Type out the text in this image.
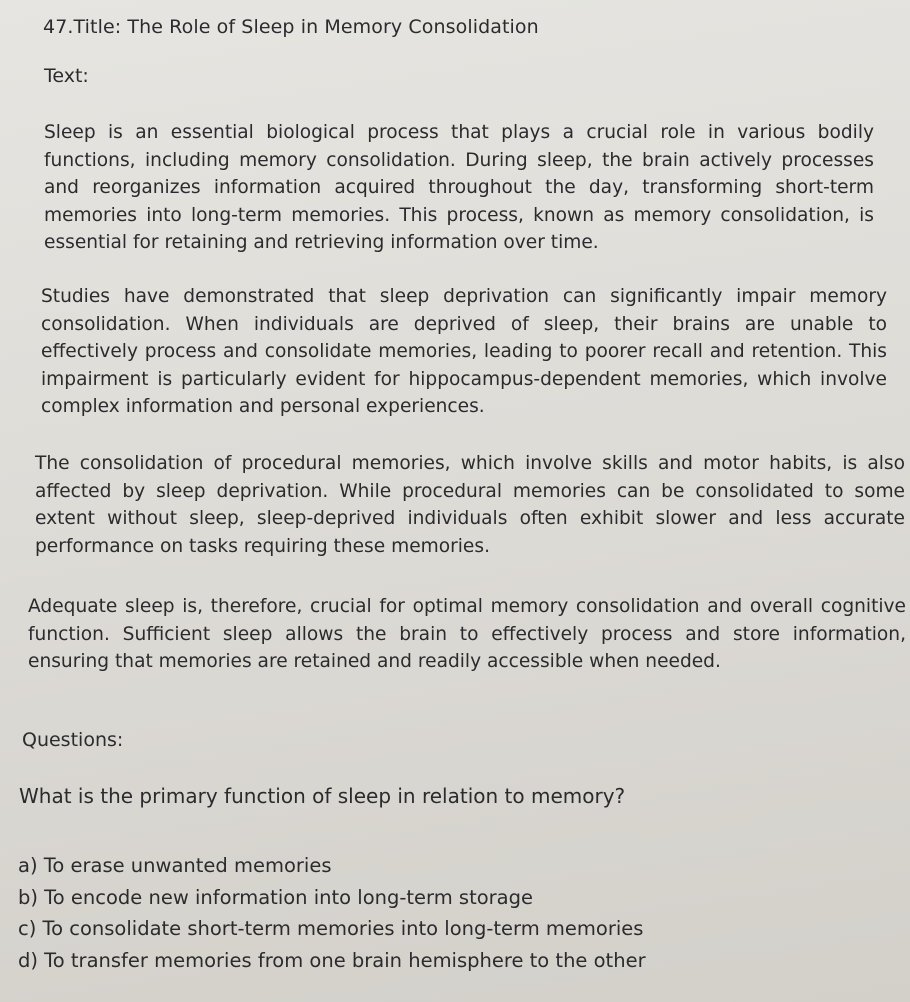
47.Title: The Role of Sleep in Memory Consolidation
Text:

Sleep is an essential biological process that plays a crucial role in various bodily functions, including memory consolidation. During sleep, the brain actively processes and reorganizes information acquired throughout the day, transforming short-term memories into long-term memories. This process, known as memory consolidation, is essential for retaining and retrieving information over time.

Studies have demonstrated that sleep deprivation can significantly impair memory consolidation. When individuals are deprived of sleep, their brains are unable to effectively process and consolidate memories, leading to poorer recall and retention. This impairment is particularly evident for hippocampus-dependent memories, which involve complex information and personal experiences.

The consolidation of procedural memories, which involve skills and motor habits, is also affected by sleep deprivation. While procedural memories can be consolidated to some extent without sleep, sleep-deprived individuals often exhibit slower and less accurate performance on tasks requiring these memories.

Adequate sleep is, therefore, crucial for optimal memory consolidation and overall cognitive function. Sufficient sleep allows the brain to effectively process and store information, ensuring that memories are retained and readily accessible when needed.

Questions:
What is the primary function of sleep in relation to memory?
a) To erase unwanted memories
b) To encode new information into long-term storage
c) To consolidate short-term memories into long-term memories
d) To transfer memories from one brain hemisphere to the other
